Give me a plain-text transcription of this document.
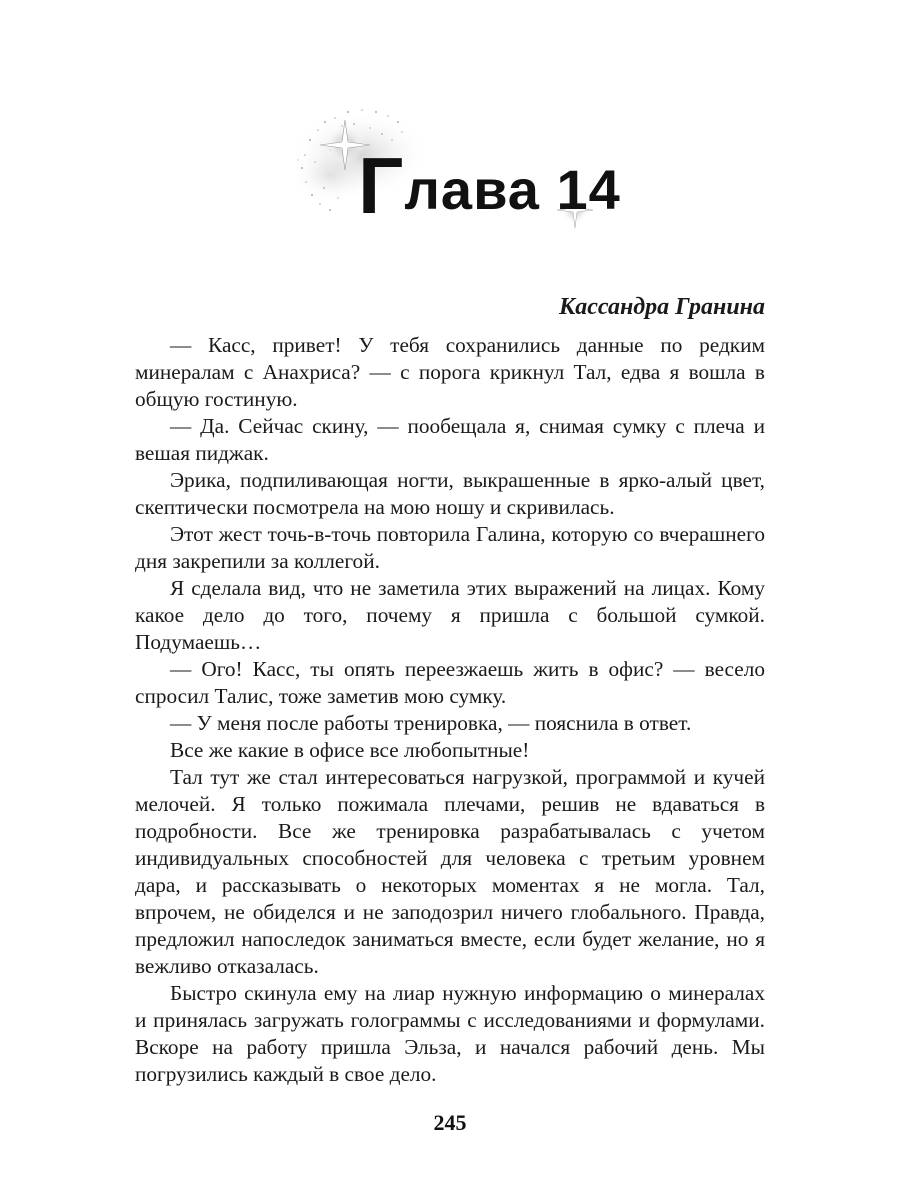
Глава 14

Кассандра Гранина

— Касс, привет! У тебя сохранились данные по редким минералам с Анахриса? — с порога крикнул Тал, едва я вошла в общую гостиную.

— Да. Сейчас скину, — пообещала я, снимая сумку с плеча и вешая пиджак.

Эрика, подпиливающая ногти, выкрашенные в ярко-алый цвет, скептически посмотрела на мою ношу и скривилась.

Этот жест точь-в-точь повторила Галина, которую со вчерашнего дня закрепили за коллегой.

Я сделала вид, что не заметила этих выражений на лицах. Кому какое дело до того, почему я пришла с большой сумкой. Подумаешь…

— Ого! Касс, ты опять переезжаешь жить в офис? — весело спросил Талис, тоже заметив мою сумку.

— У меня после работы тренировка, — пояснила в ответ.

Все же какие в офисе все любопытные!

Тал тут же стал интересоваться нагрузкой, программой и кучей мелочей. Я только пожимала плечами, решив не вдаваться в подробности. Все же тренировка разрабатывалась с учетом индивидуальных способностей для человека с третьим уровнем дара, и рассказывать о некоторых моментах я не могла. Тал, впрочем, не обиделся и не заподозрил ничего глобального. Правда, предложил напоследок заниматься вместе, если будет желание, но я вежливо отказалась.

Быстро скинула ему на лиар нужную информацию о минералах и принялась загружать голограммы с исследованиями и формулами. Вскоре на работу пришла Эльза, и начался рабочий день. Мы погрузились каждый в свое дело.

245
